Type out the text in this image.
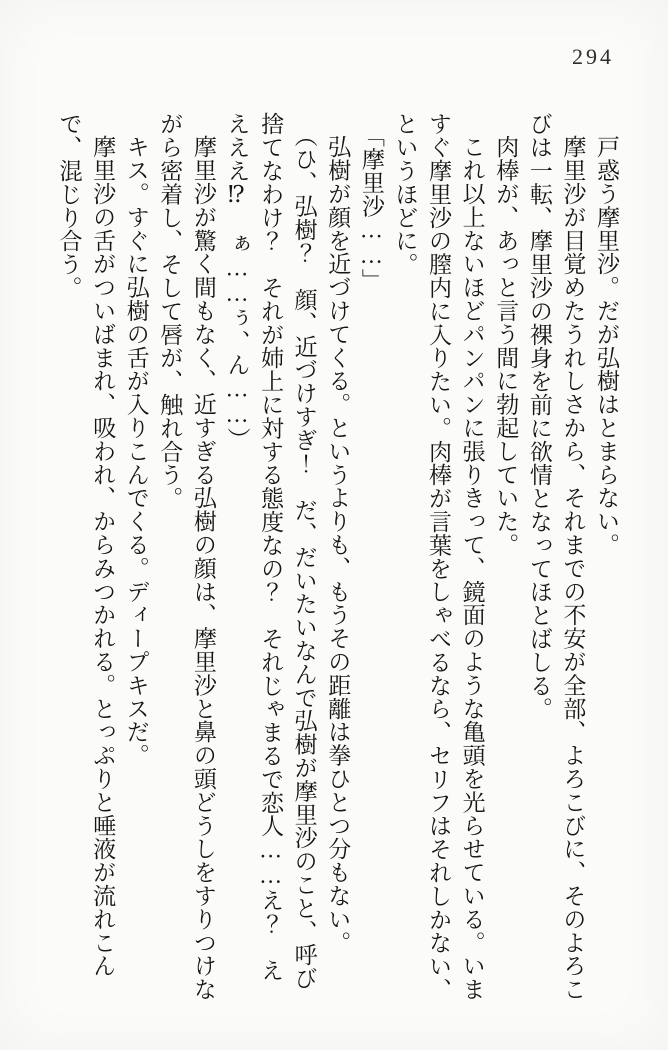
294

戸惑う摩里沙。だが弘樹はとまらない。

摩里沙が目覚めたうれしさから、それまでの不安が全部、よろこびに、そのよろこびは一転、摩里沙の裸身を前に欲情となってほとばしる。

肉棒が、あっと言う間に勃起していた。

これ以上ないほどパンパンに張りきって、鏡面のような亀頭を光らせている。いますぐ摩里沙の膣内に入りたい。肉棒が言葉をしゃべるなら、セリフはそれしかない、というほどに。

「摩里沙……」

弘樹が顔を近づけてくる。というよりも、もうその距離は拳ひとつ分もない。

（ひ、弘樹？　顔、近づけすぎ！　だ、だいたいなんで弘樹が摩里沙のこと、呼び捨てなわけ？　それが姉上に対する態度なの？　それじゃまるで恋人……え？　ええええ⁉　ぁ……ぅ、ん……）

摩里沙が驚く間もなく、近すぎる弘樹の顔は、摩里沙と鼻の頭どうしをすりつけながら密着し、そして唇が、触れ合う。

キス。すぐに弘樹の舌が入りこんでくる。ディープキスだ。

摩里沙の舌がついばまれ、吸われ、からみつかれる。とっぷりと唾液が流れこんで、混じり合う。
